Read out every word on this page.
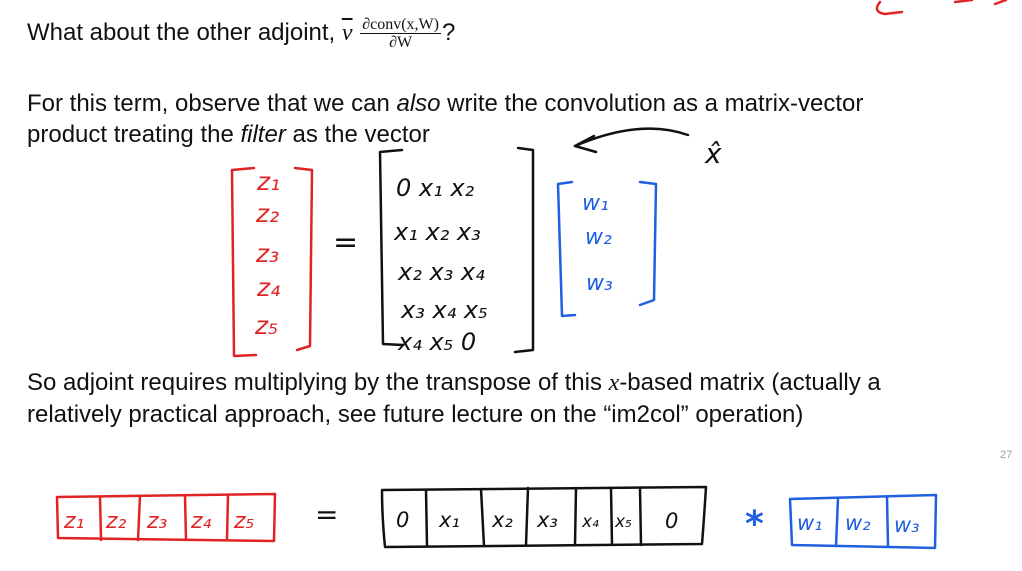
What about the other adjoint, $\overline{v} \frac{\text{∂conv(x,W)}}{\partial W}$ ?
For this term, observe that we can also write the convolution as a matrix-vector
product treating the filter as the vector
So adjoint requires multiplying by the transpose of this x-based matrix (actually a
relatively practical approach, see future lecture on the “im2col” operation)
27
x̂
z₁
z₂
z₃
z₄
z₅
=
0 x₁ x₂
x₁ x₂ x₃
x₂ x₃ x₄
x₃ x₄ x₅
x₄ x₅ 0
w₁
w₂
w₃
z₁ z₂ z₃ z₄ z₅ =	0 x₁ x₂ x₃ x₄ x₅ 0 * w₁ w₂ w₃
